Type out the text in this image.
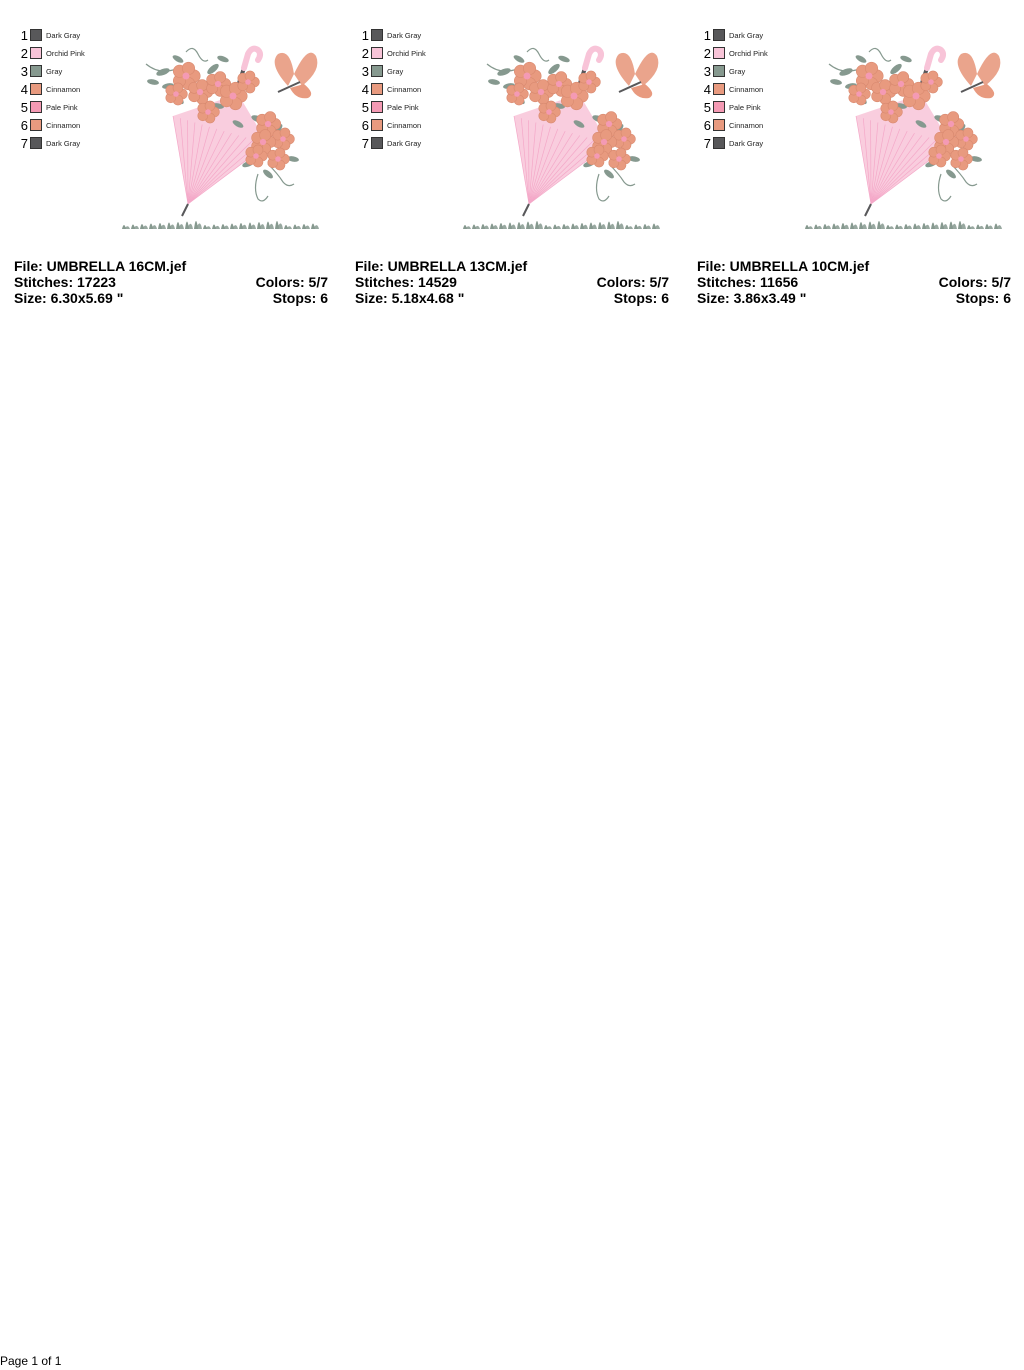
1 Dark Gray
2 Orchid Pink
3 Gray
4 Cinnamon
5 Pale Pink
6 Cinnamon
7 Dark Gray
File: UMBRELLA 16CM.jef
Stitches: 17223	Colors: 5/7
Size: 6.30x5.69 "	Stops: 6
1 Dark Gray
2 Orchid Pink
3 Gray
4 Cinnamon
5 Pale Pink
6 Cinnamon
7 Dark Gray
File: UMBRELLA 13CM.jef
Stitches: 14529	Colors: 5/7
Size: 5.18x4.68 "	Stops: 6
1 Dark Gray
2 Orchid Pink
3 Gray
4 Cinnamon
5 Pale Pink
6 Cinnamon
7 Dark Gray
File: UMBRELLA 10CM.jef
Stitches: 11656	Colors: 5/7
Size: 3.86x3.49 "	Stops: 6
Page 1 of 1
